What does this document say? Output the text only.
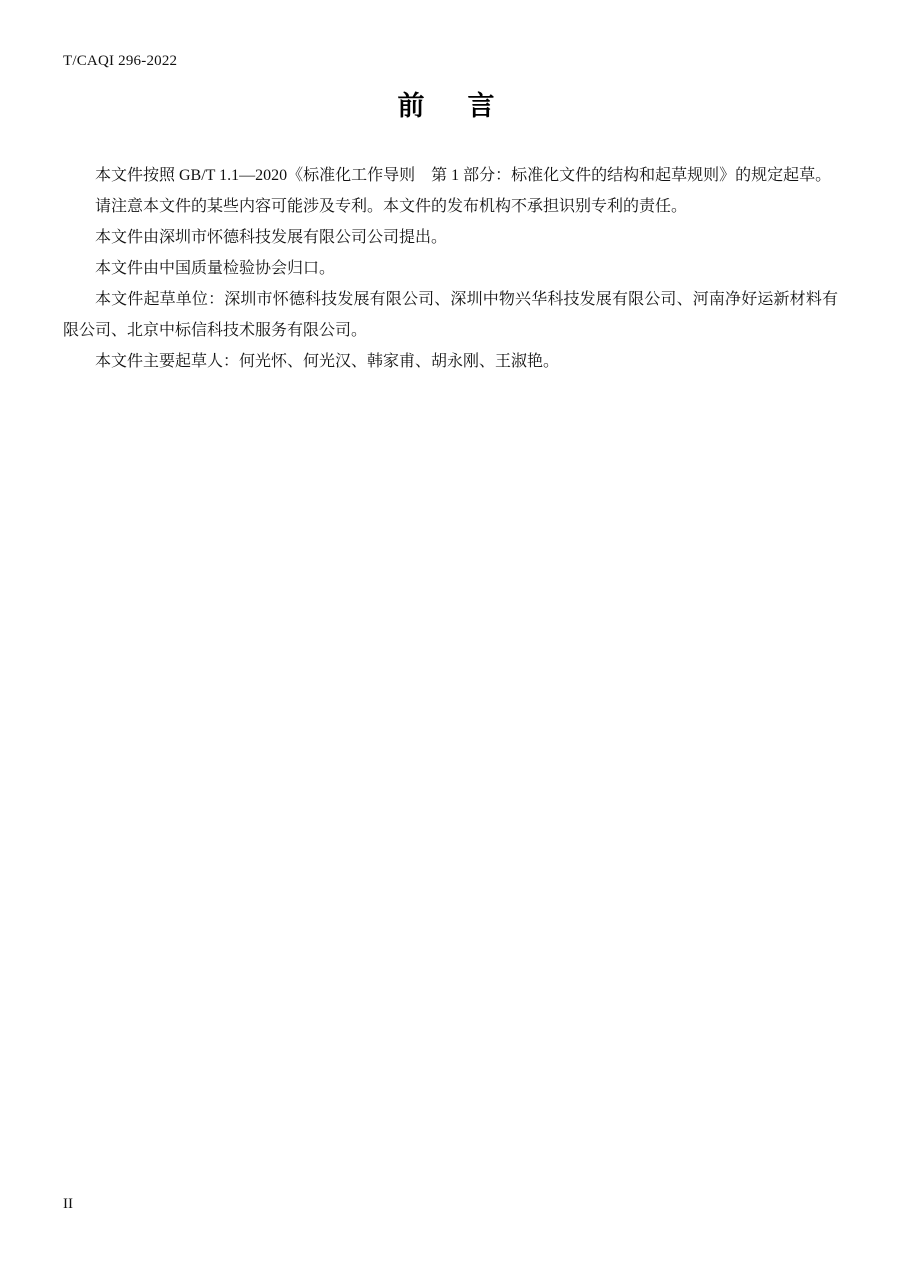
T/CAQI 296-2022
前　言

本文件按照 GB/T 1.1—2020《标准化工作导则　第 1 部分：标准化文件的结构和起草规则》的规定起草。

请注意本文件的某些内容可能涉及专利。本文件的发布机构不承担识别专利的责任。

本文件由深圳市怀德科技发展有限公司公司提出。

本文件由中国质量检验协会归口。

本文件起草单位：深圳市怀德科技发展有限公司、深圳中物兴华科技发展有限公司、河南净好运新材料有限公司、北京中标信科技术服务有限公司。

本文件主要起草人：何光怀、何光汉、韩家甫、胡永刚、王淑艳。

II
